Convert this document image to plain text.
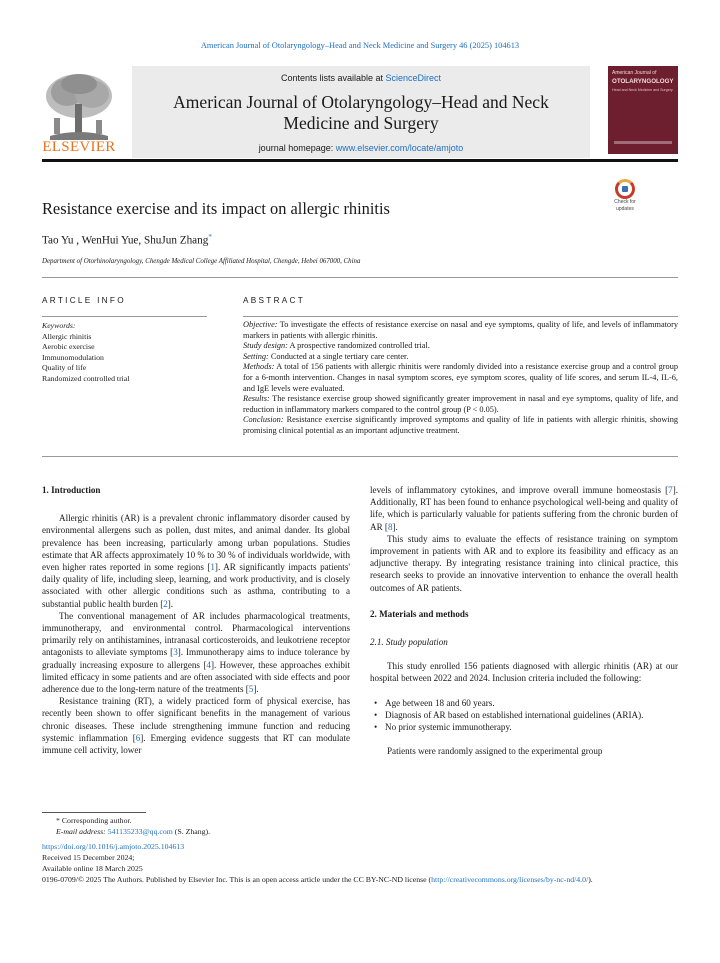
American Journal of Otolaryngology–Head and Neck Medicine and Surgery 46 (2025) 104613
ELSEVIER
Contents lists available at ScienceDirect
American Journal of Otolaryngology–Head and Neck Medicine and Surgery
journal homepage: www.elsevier.com/locate/amjoto
American Journal of
OTOLARYNGOLOGY
Head and Neck Medicine and Surgery
Check for
updates
Resistance exercise and its impact on allergic rhinitis
Tao Yu , WenHui Yue, ShuJun Zhang*
Department of Otorhinolaryngology, Chengde Medical College Affiliated Hospital, Chengde, Hebei 067000, China
ARTICLE INFO	ABSTRACT
Keywords:
Allergic rhinitis
Aerobic exercise
Immunomodulation
Quality of life
Randomized controlled trial

Objective: To investigate the effects of resistance exercise on nasal and eye symptoms, quality of life, and levels of inflammatory markers in patients with allergic rhinitis.

Study design: A prospective randomized controlled trial.

Setting: Conducted at a single tertiary care center.

Methods: A total of 156 patients with allergic rhinitis were randomly divided into a resistance exercise group and a control group for a 6-month intervention. Changes in nasal symptom scores, eye symptom scores, quality of life scores, and serum IL-4, IL-6, and IgE levels were evaluated.

Results: The resistance exercise group showed significantly greater improvement in nasal and eye symptoms, quality of life, and reduction in inflammatory markers compared to the control group (P < 0.05).

Conclusion: Resistance exercise significantly improved symptoms and quality of life in patients with allergic rhinitis, showing promising clinical potential as an important adjunctive treatment.

1. Introduction

Allergic rhinitis (AR) is a prevalent chronic inflammatory disorder caused by environmental allergens such as pollen, dust mites, and animal dander. Its global prevalence has been increasing, particularly among urban populations. Studies estimate that AR affects approximately 10 % to 30 % of individuals worldwide, with even higher rates reported in some regions [1]. AR significantly impacts patients' daily quality of life, including sleep, learning, and work productivity, and is closely associated with other allergic conditions such as asthma, contributing to a substantial public health burden [2].

The conventional management of AR includes pharmacological treatments, immunotherapy, and environmental control. Pharmacological interventions primarily rely on antihistamines, intranasal corticosteroids, and leukotriene receptor antagonists to alleviate symptoms [3]. Immunotherapy aims to induce tolerance by gradually increasing exposure to allergens [4]. However, these approaches exhibit limited efficacy in some patients and are often associated with side effects and poor adherence due to the long-term nature of the treatments [5].

Resistance training (RT), a widely practiced form of physical exercise, has recently been shown to offer significant benefits in the management of various chronic diseases. These include strengthening immune function and reducing systemic inflammation [6]. Emerging evidence suggests that RT can modulate immune cell activity, lower

levels of inflammatory cytokines, and improve overall immune homeostasis [7]. Additionally, RT has been found to enhance psychological well-being and quality of life, which is particularly valuable for patients suffering from the chronic burden of AR [8].

This study aims to evaluate the effects of resistance training on symptom improvement in patients with AR and to explore its feasibility and efficacy as an adjunctive therapy. By integrating resistance training into clinical practice, this research seeks to provide an innovative intervention to enhance the overall health outcomes of AR patients.

2. Materials and methods
2.1. Study population

This study enrolled 156 patients diagnosed with allergic rhinitis (AR) at our hospital between 2022 and 2024. Inclusion criteria included the following:

• Age between 18 and 60 years.
• Diagnosis of AR based on established international guidelines (ARIA).
• No prior systemic immunotherapy.

Patients were randomly assigned to the experimental group

* Corresponding author.
E-mail address: 541135233@qq.com (S. Zhang).
https://doi.org/10.1016/j.amjoto.2025.104613
Received 15 December 2024;
Available online 18 March 2025
0196-0709/© 2025 The Authors. Published by Elsevier Inc. This is an open access article under the CC BY-NC-ND license (http://creativecommons.org/licenses/by-nc-nd/4.0/).
